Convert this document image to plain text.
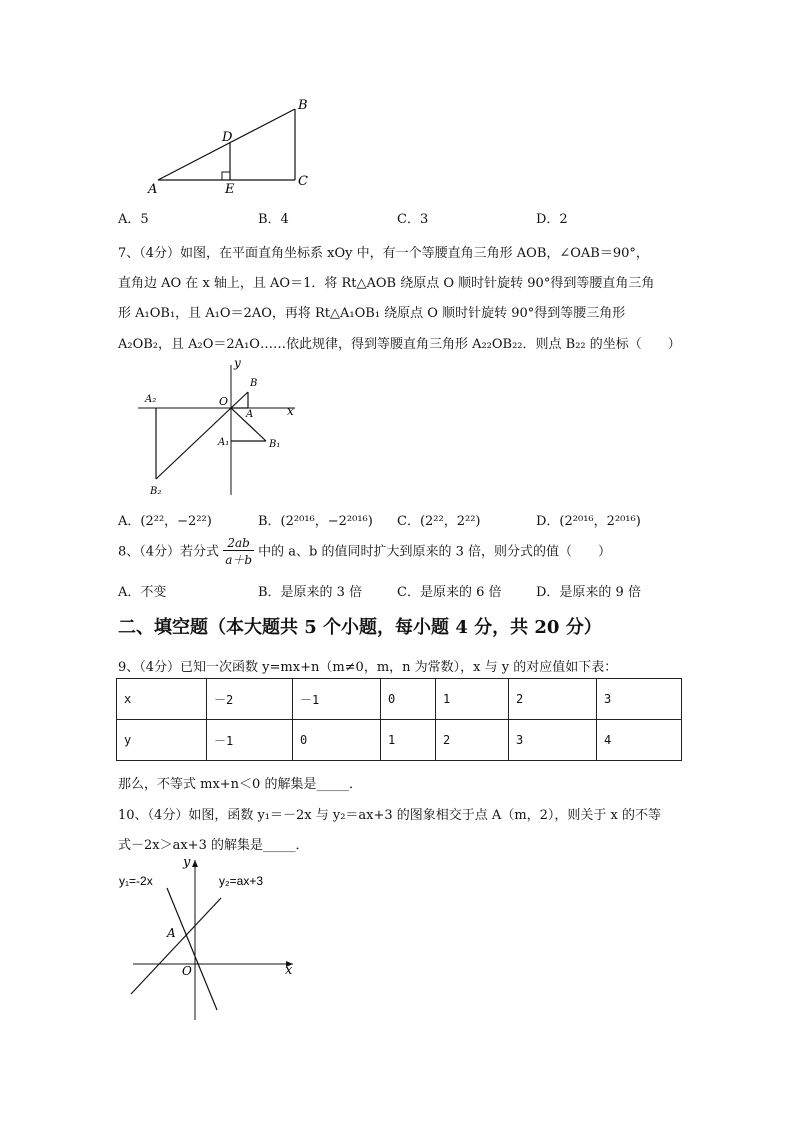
A
B
C
D
E
A．5	B．4	C．3	D．2
7、（4分）如图，在平面直角坐标系 xOy 中，有一个等腰直角三角形 AOB，∠OAB＝90°，
直角边 AO 在 x 轴上，且 AO＝1．将 Rt△AOB 绕原点 O 顺时针旋转 90°得到等腰直角三角
形 A₁OB₁，且 A₁O＝2AO，再将 Rt△A₁OB₁ 绕原点 O 顺时针旋转 90°得到等腰三角形
A₂OB₂，且 A₂O＝2A₁O……依此规律，得到等腰直角三角形 A₂₂OB₂₂．则点 B₂₂ 的坐标（　　）
y
x
O
A
B
A₁	B₁
A₂
B₂
A．(2²²，−2²²)	B．(2²⁰¹⁶，−2²⁰¹⁶) C．(2²²，2²²)	D．(2²⁰¹⁶，2²⁰¹⁶)
8、（4分）若分式 $\frac{2ab}{a+b}$ 中的 a、b 的值同时扩大到原来的 3 倍，则分式的值（　　）
A．不变	B．是原来的 3 倍	C．是原来的 6 倍	D．是原来的 9 倍
二、填空题（本大题共 5 个小题，每小题 4 分，共 20 分）
9、（4分）已知一次函数 y=mx+n（m≠0，m，n 为常数），x 与 y 的对应值如下表：
x	－2	－1	0	1	2	3
y	－1	0	1	2	3	4
那么，不等式 mx+n＜0 的解集是_____．
10、（4分）如图，函数 y₁＝－2x 与 y₂＝ax+3 的图象相交于点 A（m，2），则关于 x 的不等
式－2x＞ax+3 的解集是_____．
y
x
O
A
y₁=-2x	y₂=ax+3
